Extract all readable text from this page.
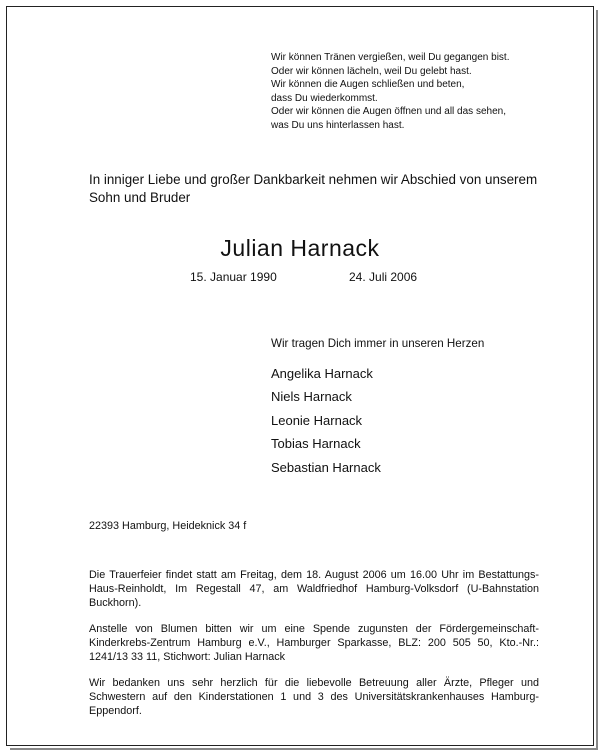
Wir können Tränen vergießen, weil Du gegangen bist.
Oder wir können lächeln, weil Du gelebt hast.
Wir können die Augen schließen und beten,
dass Du wiederkommst.
Oder wir können die Augen öffnen und all das sehen,
was Du uns hinterlassen hast.
In inniger Liebe und großer Dankbarkeit nehmen wir Abschied von unserem Sohn und Bruder
Julian Harnack
15. Januar 1990	24. Juli 2006
Wir tragen Dich immer in unseren Herzen
Angelika Harnack
Niels Harnack
Leonie Harnack
Tobias Harnack
Sebastian Harnack
22393 Hamburg, Heideknick 34 f
Die Trauerfeier findet statt am Freitag, dem 18. August 2006 um 16.00 Uhr im Bestattungs-Haus-Reinholdt, Im Regestall 47, am Waldfriedhof Hamburg-Volksdorf (U-Bahnstation Buckhorn).
Anstelle von Blumen bitten wir um eine Spende zugunsten der Fördergemeinschaft-Kinderkrebs-Zentrum Hamburg e.V., Hamburger Sparkasse, BLZ: 200 505 50, Kto.-Nr.: 1241/13 33 11, Stichwort: Julian Harnack
Wir bedanken uns sehr herzlich für die liebevolle Betreuung aller Ärzte, Pfleger und Schwestern auf den Kinderstationen 1 und 3 des Universitätskrankenhauses Hamburg- Eppendorf.
